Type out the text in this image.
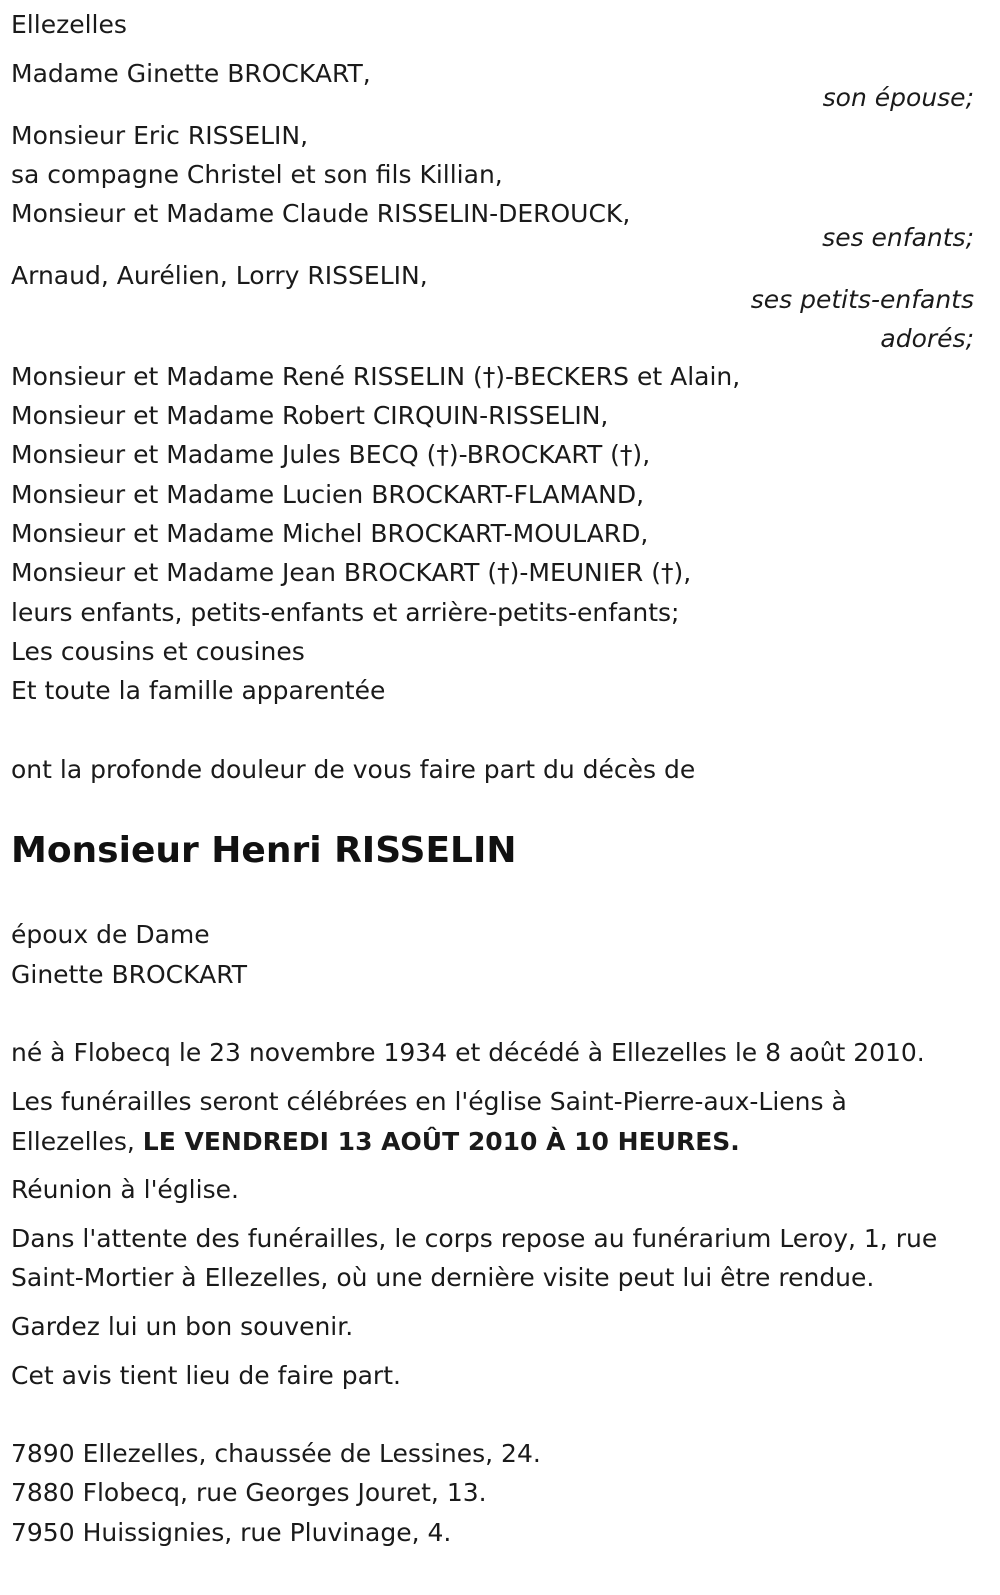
Ellezelles
Madame Ginette BROCKART,
son épouse;
Monsieur Eric RISSELIN,
sa compagne Christel et son fils Killian,
Monsieur et Madame Claude RISSELIN-DEROUCK,
ses enfants;
Arnaud, Aurélien, Lorry RISSELIN,
ses petits-enfants
adorés;
Monsieur et Madame René RISSELIN (†)-BECKERS et Alain,
Monsieur et Madame Robert CIRQUIN-RISSELIN,
Monsieur et Madame Jules BECQ (†)-BROCKART (†),
Monsieur et Madame Lucien BROCKART-FLAMAND,
Monsieur et Madame Michel BROCKART-MOULARD,
Monsieur et Madame Jean BROCKART (†)-MEUNIER (†),
leurs enfants, petits-enfants et arrière-petits-enfants;
Les cousins et cousines
Et toute la famille apparentée
ont la profonde douleur de vous faire part du décès de
Monsieur Henri RISSELIN
époux de Dame
Ginette BROCKART
né à Flobecq le 23 novembre 1934 et décédé à Ellezelles le 8 août 2010.
Les funérailles seront célébrées en l'église Saint-Pierre-aux-Liens à
Ellezelles, LE VENDREDI 13 AOÛT 2010 À 10 HEURES.
Réunion à l'église.
Dans l'attente des funérailles, le corps repose au funérarium Leroy, 1, rue
Saint-Mortier à Ellezelles, où une dernière visite peut lui être rendue.
Gardez lui un bon souvenir.
Cet avis tient lieu de faire part.
7890 Ellezelles, chaussée de Lessines, 24.
7880 Flobecq, rue Georges Jouret, 13.
7950 Huissignies, rue Pluvinage, 4.
